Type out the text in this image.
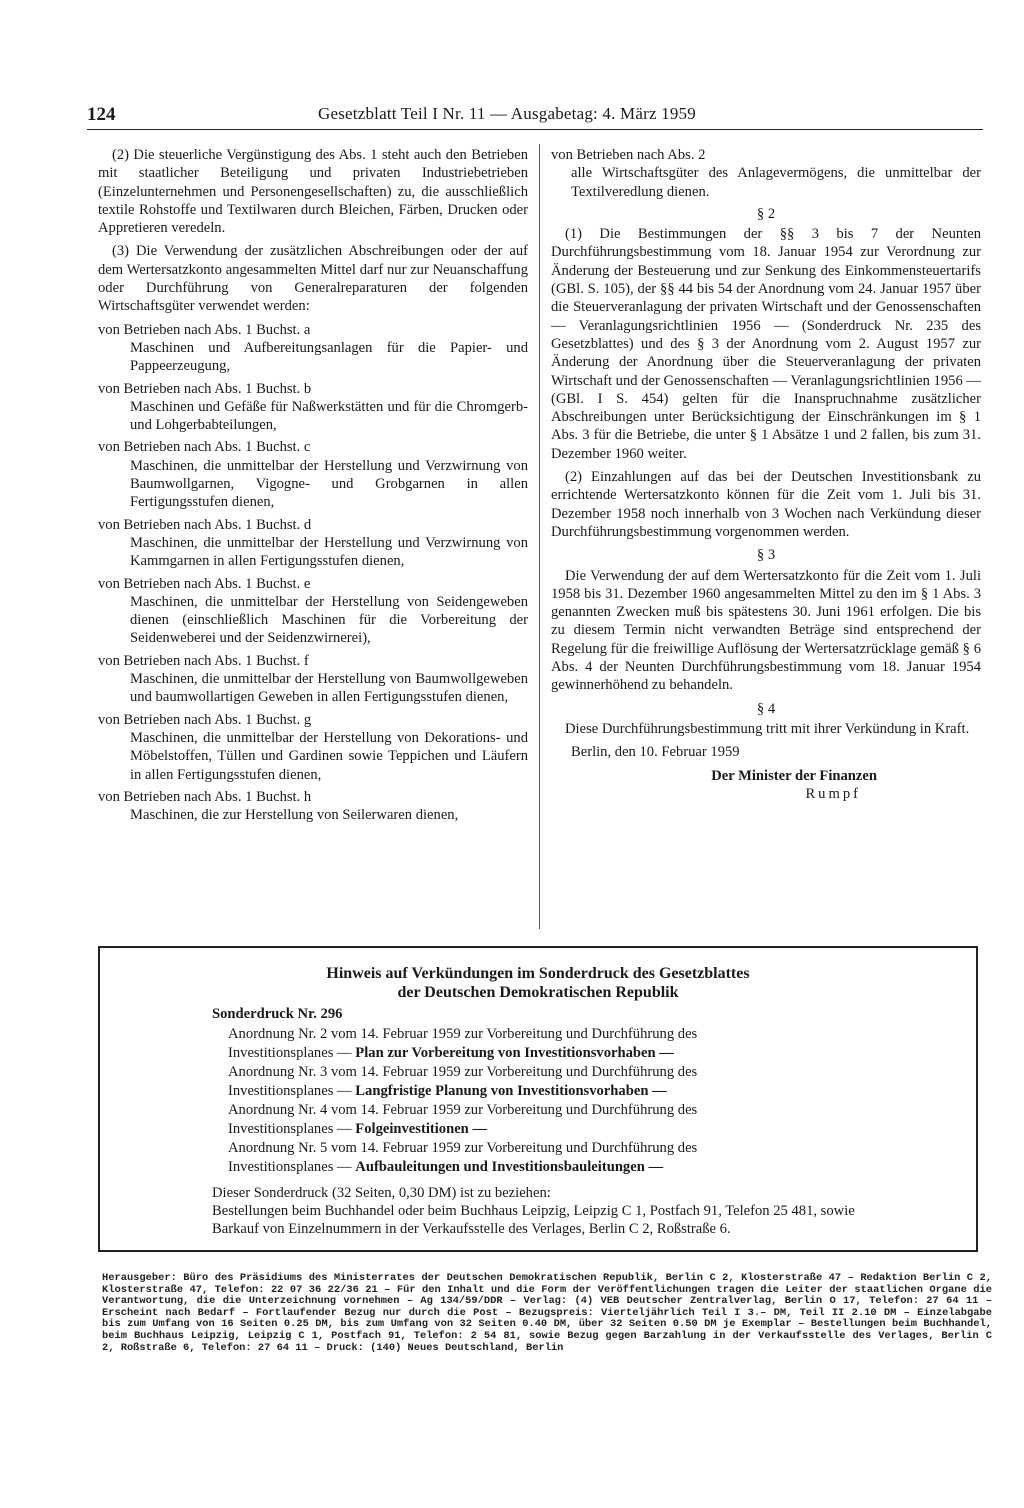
124	Gesetzblatt Teil I Nr. 11 — Ausgabetag: 4. März 1959

(2) Die steuerliche Vergünstigung des Abs. 1 steht auch den Betrieben mit staatlicher Beteiligung und privaten Industriebetrieben (Einzelunternehmen und Personengesellschaften) zu, die ausschließlich textile Rohstoffe und Textilwaren durch Bleichen, Färben, Drucken oder Appretieren veredeln.

(3) Die Verwendung der zusätzlichen Abschreibungen oder der auf dem Wertersatzkonto angesammelten Mittel darf nur zur Neuanschaffung oder Durchführung von Generalreparaturen der folgenden Wirtschaftsgüter verwendet werden:

von Betrieben nach Abs. 1 Buchst. a
Maschinen und Aufbereitungsanlagen für die Papier- und Pappeerzeugung,
von Betrieben nach Abs. 1 Buchst. b
Maschinen und Gefäße für Naßwerkstätten und für die Chromgerb- und Lohgerbabteilungen,
von Betrieben nach Abs. 1 Buchst. c
Maschinen, die unmittelbar der Herstellung und Verzwirnung von Baumwollgarnen, Vigogne- und Grobgarnen in allen Fertigungsstufen dienen,
von Betrieben nach Abs. 1 Buchst. d
Maschinen, die unmittelbar der Herstellung und Verzwirnung von Kammgarnen in allen Fertigungsstufen dienen,
von Betrieben nach Abs. 1 Buchst. e
Maschinen, die unmittelbar der Herstellung von Seidengeweben dienen (einschließlich Maschinen für die Vorbereitung der Seidenweberei und der Seidenzwirnerei),
von Betrieben nach Abs. 1 Buchst. f
Maschinen, die unmittelbar der Herstellung von Baumwollgeweben und baumwollartigen Geweben in allen Fertigungsstufen dienen,
von Betrieben nach Abs. 1 Buchst. g
Maschinen, die unmittelbar der Herstellung von Dekorations- und Möbelstoffen, Tüllen und Gardinen sowie Teppichen und Läufern in allen Fertigungsstufen dienen,
von Betrieben nach Abs. 1 Buchst. h
Maschinen, die zur Herstellung von Seilerwaren dienen,
von Betrieben nach Abs. 2
alle Wirtschaftsgüter des Anlagevermögens, die unmittelbar der Textilveredlung dienen.
§ 2

(1) Die Bestimmungen der §§ 3 bis 7 der Neunten Durchführungsbestimmung vom 18. Januar 1954 zur Verordnung zur Änderung der Besteuerung und zur Senkung des Einkommensteuertarifs (GBl. S. 105), der §§ 44 bis 54 der Anordnung vom 24. Januar 1957 über die Steuerveranlagung der privaten Wirtschaft und der Genossenschaften — Veranlagungsrichtlinien 1956 — (Sonderdruck Nr. 235 des Gesetzblattes) und des § 3 der Anordnung vom 2. August 1957 zur Änderung der Anordnung über die Steuerveranlagung der privaten Wirtschaft und der Genossenschaften — Veranlagungsrichtlinien 1956 — (GBl. I S. 454) gelten für die Inanspruchnahme zusätzlicher Abschreibungen unter Berücksichtigung der Einschränkungen im § 1 Abs. 3 für die Betriebe, die unter § 1 Absätze 1 und 2 fallen, bis zum 31. Dezember 1960 weiter.

(2) Einzahlungen auf das bei der Deutschen Investitionsbank zu errichtende Wertersatzkonto können für die Zeit vom 1. Juli bis 31. Dezember 1958 noch innerhalb von 3 Wochen nach Verkündung dieser Durchführungsbestimmung vorgenommen werden.

§ 3

Die Verwendung der auf dem Wertersatzkonto für die Zeit vom 1. Juli 1958 bis 31. Dezember 1960 angesammelten Mittel zu den im § 1 Abs. 3 genannten Zwecken muß bis spätestens 30. Juni 1961 erfolgen. Die bis zu diesem Termin nicht verwandten Beträge sind entsprechend der Regelung für die freiwillige Auflösung der Wertersatzrücklage gemäß § 6 Abs. 4 der Neunten Durchführungsbestimmung vom 18. Januar 1954 gewinnerhöhend zu behandeln.

§ 4

Diese Durchführungsbestimmung tritt mit ihrer Verkündung in Kraft.

Berlin, den 10. Februar 1959

Der Minister der Finanzen
Rumpf
Hinweis auf Verkündungen im Sonderdruck des Gesetzblattes
der Deutschen Demokratischen Republik
Sonderdruck Nr. 296
Anordnung Nr. 2 vom 14. Februar 1959 zur Vorbereitung und Durchführung des
Investitionsplanes — Plan zur Vorbereitung von Investitionsvorhaben —
Anordnung Nr. 3 vom 14. Februar 1959 zur Vorbereitung und Durchführung des
Investitionsplanes — Langfristige Planung von Investitionsvorhaben —
Anordnung Nr. 4 vom 14. Februar 1959 zur Vorbereitung und Durchführung des
Investitionsplanes — Folgeinvestitionen —
Anordnung Nr. 5 vom 14. Februar 1959 zur Vorbereitung und Durchführung des
Investitionsplanes — Aufbauleitungen und Investitionsbauleitungen —
Dieser Sonderdruck (32 Seiten, 0,30 DM) ist zu beziehen:
Bestellungen beim Buchhandel oder beim Buchhaus Leipzig, Leipzig C 1, Postfach 91, Telefon 25 481, sowie Barkauf von Einzelnummern in der Verkaufsstelle des Verlages, Berlin C 2, Roßstraße 6.
Herausgeber: Büro des Präsidiums des Ministerrates der Deutschen Demokratischen Republik, Berlin C 2, Klosterstraße 47 – Redaktion Berlin C 2, Klosterstraße 47, Telefon: 22 07 36 22/36 21 – Für den Inhalt und die Form der Veröffentlichungen tragen die Leiter der staatlichen Organe die Verantwortung, die die Unterzeichnung vornehmen – Ag 134/59/DDR – Verlag: (4) VEB Deutscher Zentralverlag, Berlin O 17, Telefon: 27 64 11 – Erscheint nach Bedarf – Fortlaufender Bezug nur durch die Post – Bezugspreis: Vierteljährlich Teil I 3.– DM, Teil II 2.10 DM – Einzelabgabe bis zum Umfang von 16 Seiten 0.25 DM, bis zum Umfang von 32 Seiten 0.40 DM, über 32 Seiten 0.50 DM je Exemplar – Bestellungen beim Buchhandel, beim Buchhaus Leipzig, Leipzig C 1, Postfach 91, Telefon: 2 54 81, sowie Bezug gegen Barzahlung in der Verkaufsstelle des Verlages, Berlin C 2, Roßstraße 6, Telefon: 27 64 11 – Druck: (140) Neues Deutschland, Berlin
